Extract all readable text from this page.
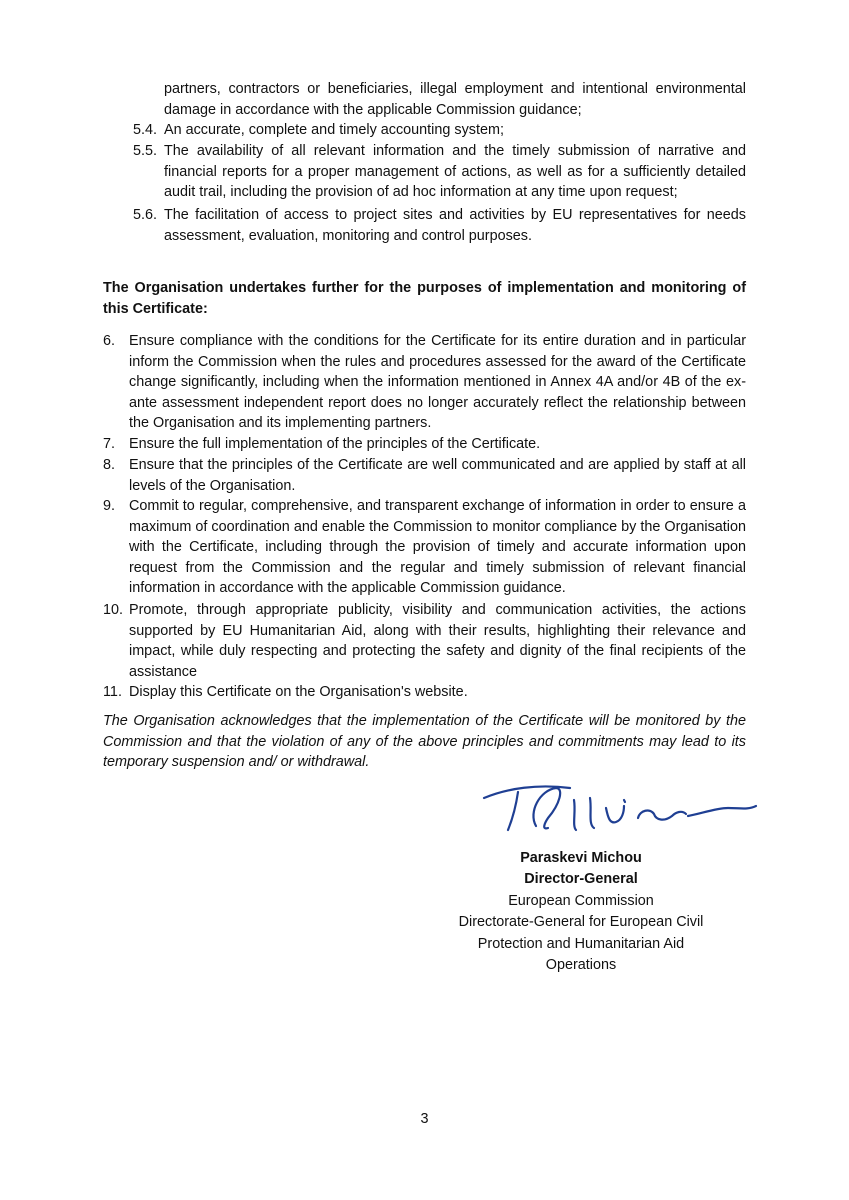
partners, contractors or beneficiaries, illegal employment and intentional environmental damage in accordance with the applicable Commission guidance;
5.4. An accurate, complete and timely accounting system;
5.5. The availability of all relevant information and the timely submission of narrative and financial reports for a proper management of actions, as well as for a sufficiently detailed audit trail, including the provision of ad hoc information at any time upon request;
5.6. The facilitation of access to project sites and activities by EU representatives for needs assessment, evaluation, monitoring and control purposes.
The Organisation undertakes further for the purposes of implementation and monitoring of this Certificate:
6. Ensure compliance with the conditions for the Certificate for its entire duration and in particular inform the Commission when the rules and procedures assessed for the award of the Certificate change significantly, including when the information mentioned in Annex 4A and/or 4B of the ex-ante assessment independent report does no longer accurately reflect the relationship between the Organisation and its implementing partners.
7. Ensure the full implementation of the principles of the Certificate.
8. Ensure that the principles of the Certificate are well communicated and are applied by staff at all levels of the Organisation.
9. Commit to regular, comprehensive, and transparent exchange of information in order to ensure a maximum of coordination and enable the Commission to monitor compliance by the Organisation with the Certificate, including through the provision of timely and accurate information upon request from the Commission and the regular and timely submission of relevant financial information in accordance with the applicable Commission guidance.
10. Promote, through appropriate publicity, visibility and communication activities, the actions supported by EU Humanitarian Aid, along with their results, highlighting their relevance and impact, while duly respecting and protecting the safety and dignity of the final recipients of the assistance
11. Display this Certificate on the Organisation's website.
The Organisation acknowledges that the implementation of the Certificate will be monitored by the Commission and that the violation of any of the above principles and commitments may lead to its temporary suspension and/ or withdrawal.
Paraskevi Michou
Director-General
European Commission
Directorate-General for European Civil
Protection and Humanitarian Aid
Operations
3
